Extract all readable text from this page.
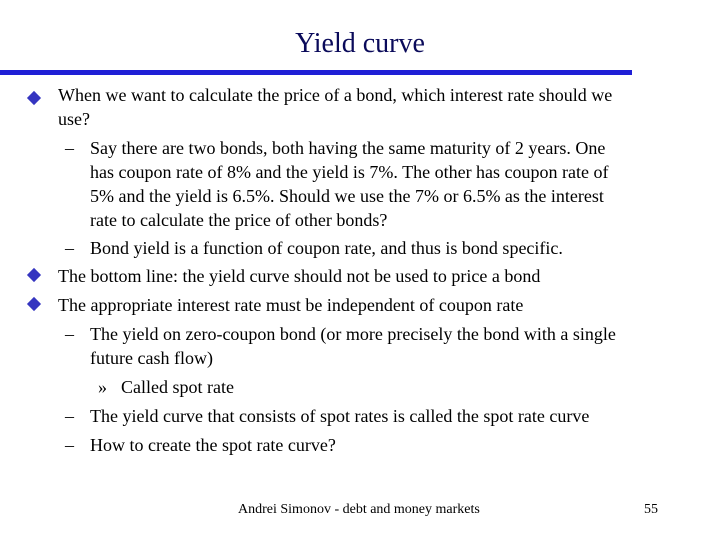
Yield curve
When we want to calculate the price of a bond, which interest rate should we
use?
– Say there are two bonds, both having the same maturity of 2 years. One
has coupon rate of 8% and the yield is 7%. The other has coupon rate of
5% and the yield is 6.5%. Should we use the 7% or 6.5% as the interest
rate to calculate the price of other bonds?
– Bond yield is a function of coupon rate, and thus is bond specific.
The bottom line: the yield curve should not be used to price a bond
The appropriate interest rate must be independent of coupon rate
– The yield on zero-coupon bond (or more precisely the bond with a single
future cash flow)
» Called spot rate
– The yield curve that consists of spot rates is called the spot rate curve
– How to create the spot rate curve?
Andrei Simonov - debt and money markets	55
